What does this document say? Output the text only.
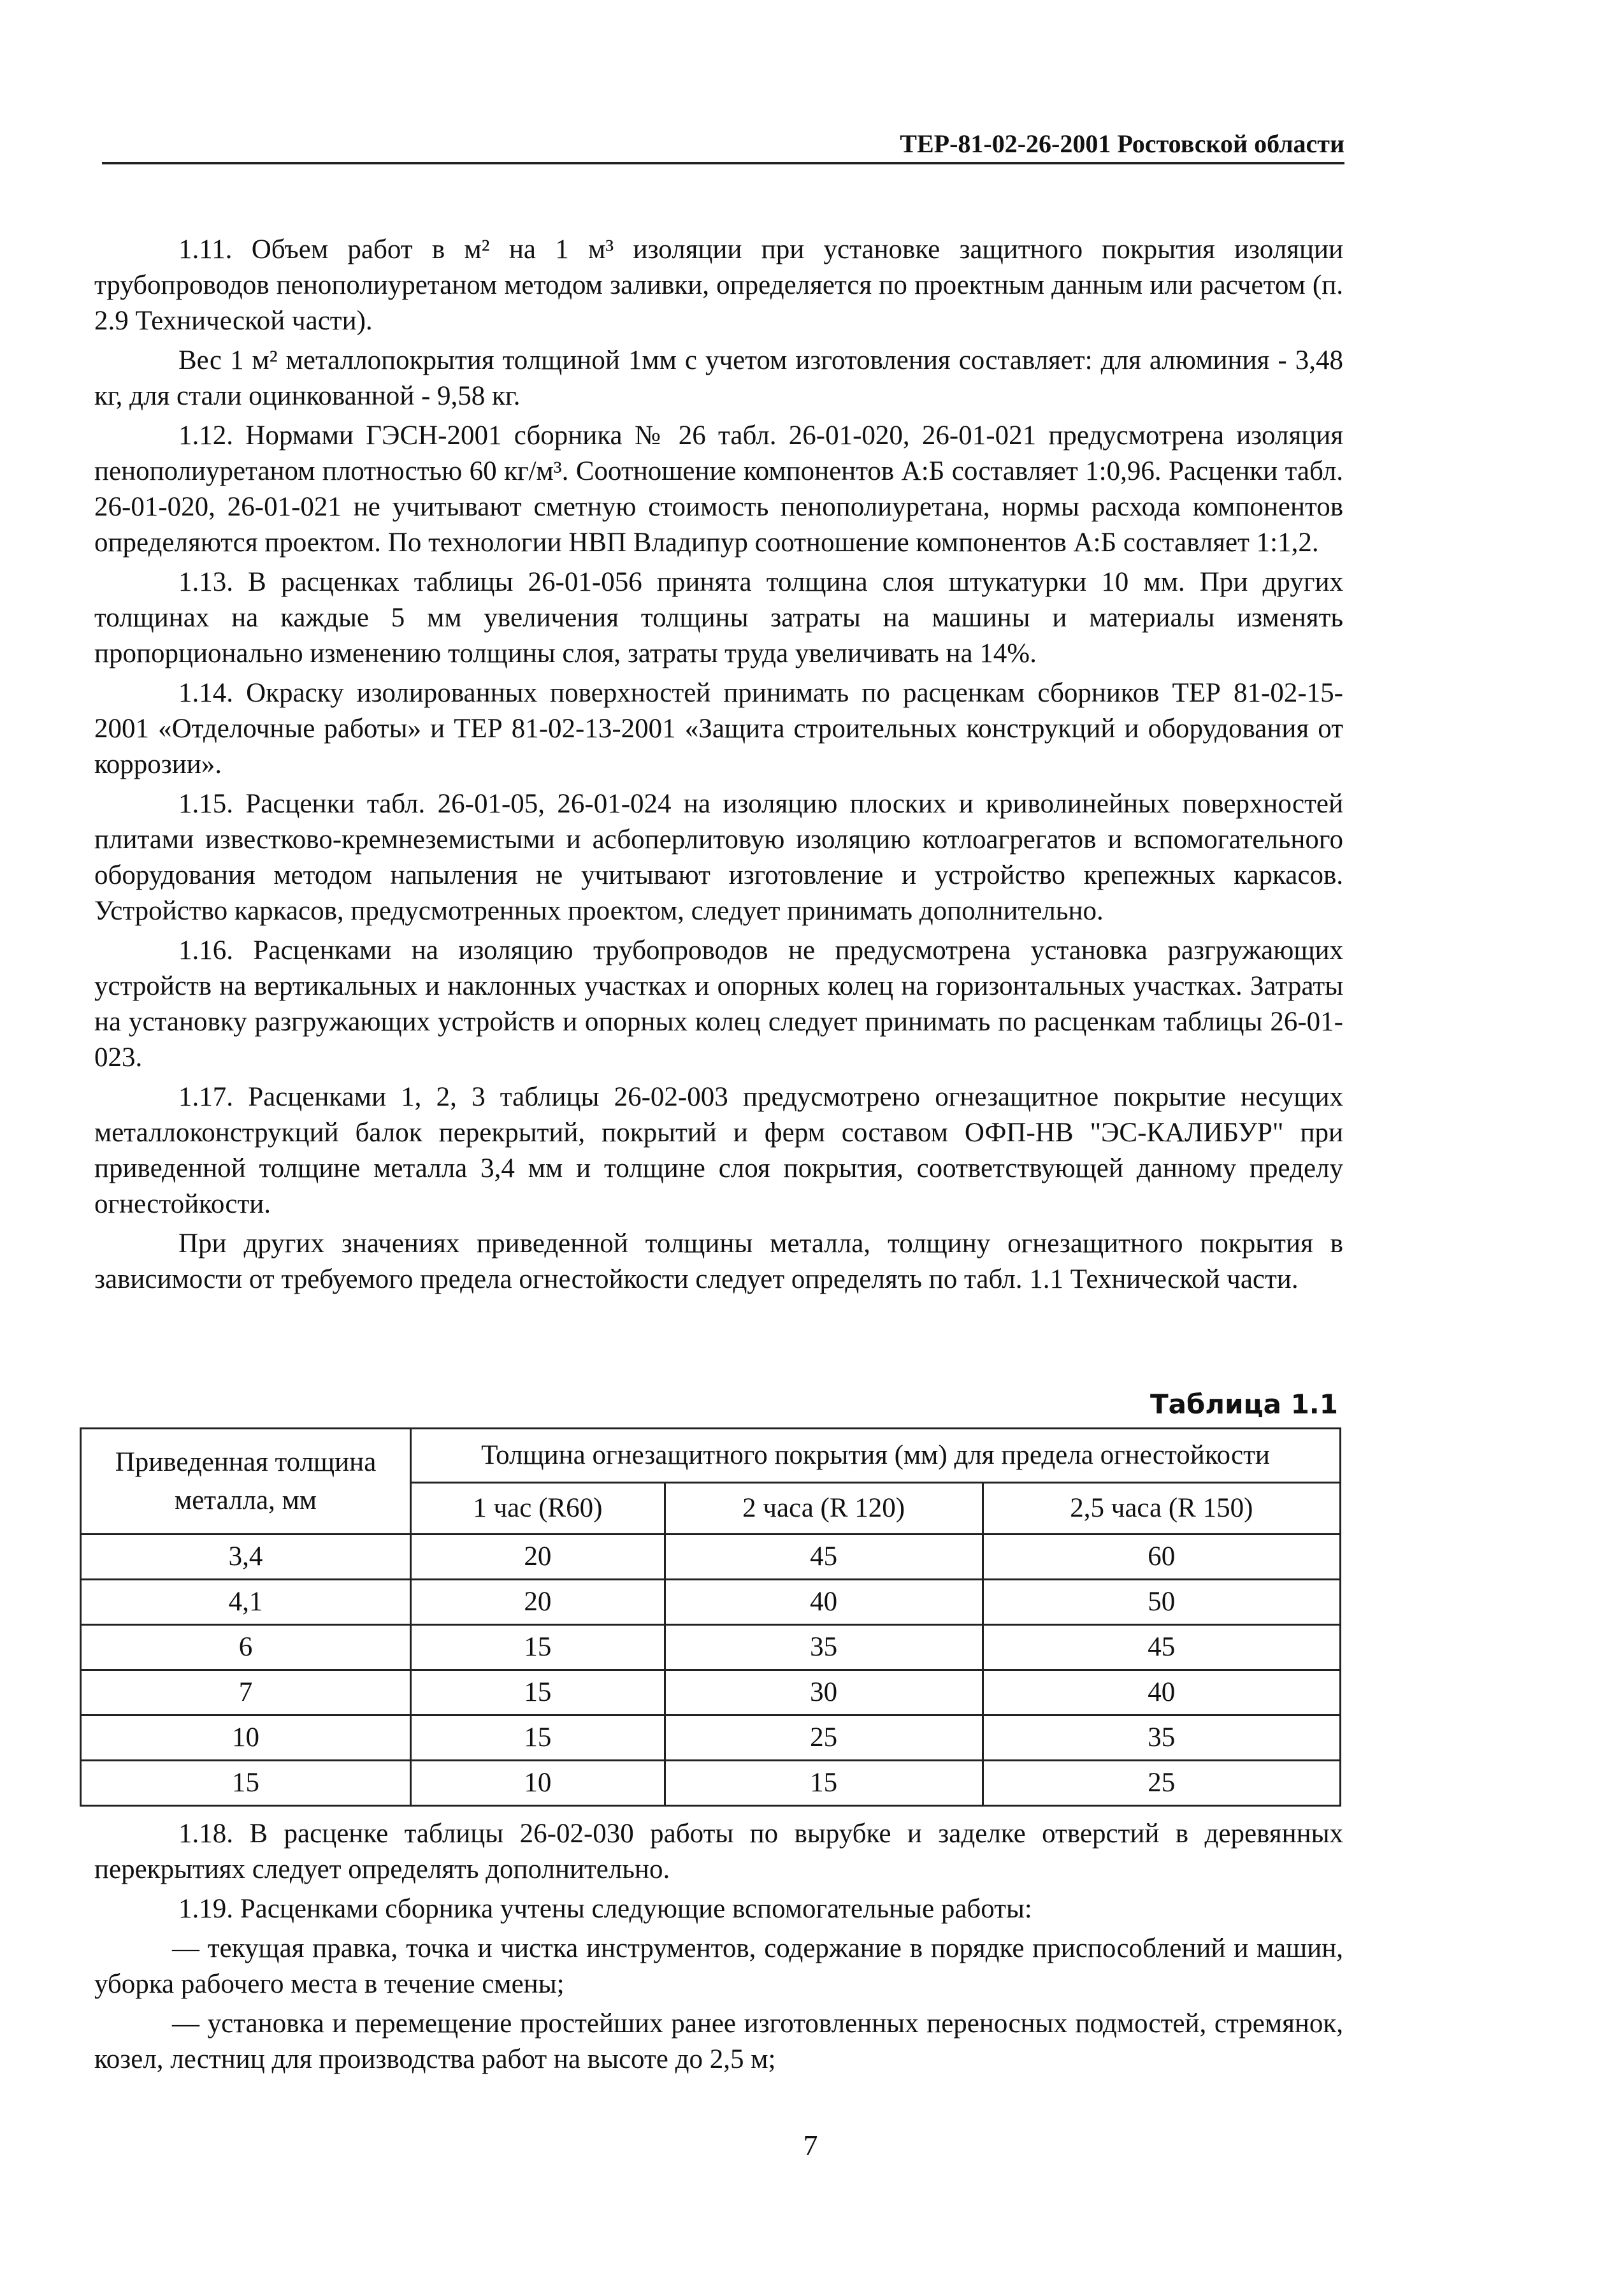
ТЕР-81-02-26-2001 Ростовской области

1.11. Объем работ в м² на 1 м³ изоляции при установке защитного покрытия изоляции трубопроводов пенополиуретаном методом заливки, определяется по проектным данным или расчетом (п. 2.9 Технической части).

Вес 1 м² металлопокрытия толщиной 1мм с учетом изготовления составляет: для алюминия - 3,48 кг, для стали оцинкованной - 9,58 кг.

1.12. Нормами ГЭСН-2001 сборника № 26 табл. 26-01-020, 26-01-021 предусмотрена изоляция пенополиуретаном плотностью 60 кг/м³. Соотношение компонентов А:Б составляет 1:0,96. Расценки табл. 26-01-020, 26-01-021 не учитывают сметную стоимость пенополиуретана, нормы расхода компонентов определяются проектом. По технологии НВП Владипур соотношение компонентов А:Б составляет 1:1,2.

1.13. В расценках таблицы 26-01-056 принята толщина слоя штукатурки 10 мм. При других толщинах на каждые 5 мм увеличения толщины затраты на машины и материалы изменять пропорционально изменению толщины слоя, затраты труда увеличивать на 14%.

1.14. Окраску изолированных поверхностей принимать по расценкам сборников ТЕР 81-02-15-2001 «Отделочные работы» и ТЕР 81-02-13-2001 «Защита строительных конструкций и оборудования от коррозии».

1.15. Расценки табл. 26-01-05, 26-01-024 на изоляцию плоских и криволинейных поверхностей плитами известково-кремнеземистыми и асбоперлитовую изоляцию котлоагрегатов и вспомогательного оборудования методом напыления не учитывают изготовление и устройство крепежных каркасов. Устройство каркасов, предусмотренных проектом, следует принимать дополнительно.

1.16. Расценками на изоляцию трубопроводов не предусмотрена установка разгружающих устройств на вертикальных и наклонных участках и опорных колец на горизонтальных участках. Затраты на установку разгружающих устройств и опорных колец следует принимать по расценкам таблицы 26-01-023.

1.17. Расценками 1, 2, 3 таблицы 26-02-003 предусмотрено огнезащитное покрытие несущих металлоконструкций балок перекрытий, покрытий и ферм составом ОФП-НВ "ЭС-КАЛИБУР" при приведенной толщине металла 3,4 мм и толщине слоя покрытия, соответствующей данному пределу огнестойкости.

При других значениях приведенной толщины металла, толщину огнезащитного покрытия в зависимости от требуемого предела огнестойкости следует определять по табл. 1.1 Технической части.

Таблица 1.1
Приведенная толщина металла, мм	Толщина огнезащитного покрытия (мм) для предела огнестойкости		
	1 час (R60)	2 часа (R 120)	2,5 часа (R 150)
3,4	20	45	60
4,1	20	40	50
6	15	35	45
7	15	30	40
10	15	25	35
15	10	15	25

1.18. В расценке таблицы 26-02-030 работы по вырубке и заделке отверстий в деревянных перекрытиях следует определять дополнительно.

1.19. Расценками сборника учтены следующие вспомогательные работы:

— текущая правка, точка и чистка инструментов, содержание в порядке приспособлений и машин, уборка рабочего места в течение смены;

— установка и перемещение простейших ранее изготовленных переносных подмостей, стремянок, козел, лестниц для производства работ на высоте до 2,5 м;

7
